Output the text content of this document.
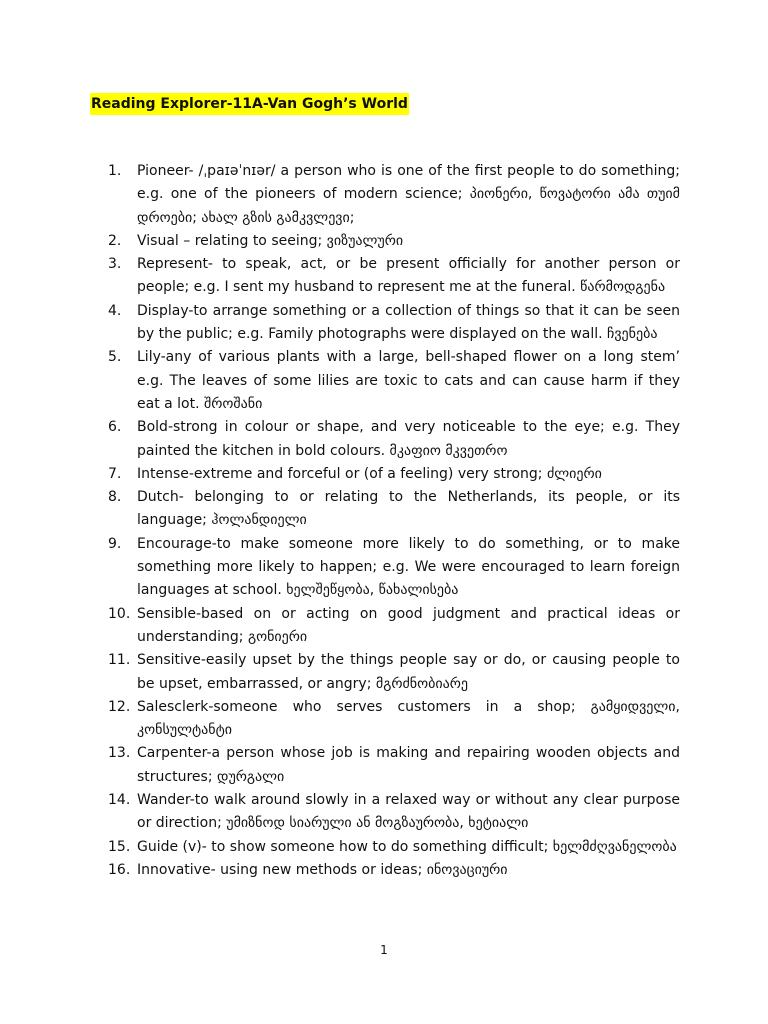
Reading Explorer-11A-Van Gogh’s World
1. Pioneer- /ˌpaɪəˈnɪər/ a person who is one of the first people to do something; e.g. one of the pioneers of modern science; პიონერი, წოვატორი ამა თუიმ დროები; ახალ გზის გამკვლევი;
2. Visual – relating to seeing; ვიზუალური
3. Represent- to speak, act, or be present officially for another person or people; e.g. I sent my husband to represent me at the funeral. წარმოდგენა
4. Display-to arrange something or a collection of things so that it can be seen by the public; e.g. Family photographs were displayed on the wall. ჩვენება
5. Lily-any of various plants with a large, bell-shaped flower on a long stem’ e.g. The leaves of some lilies are toxic to cats and can cause harm if they eat a lot. შროშანი
6. Bold-strong in colour or shape, and very noticeable to the eye; e.g. They painted the kitchen in bold colours. მკაფიო მკვეთრო
7. Intense-extreme and forceful or (of a feeling) very strong; ძლიერი
8. Dutch- belonging to or relating to the Netherlands, its people, or its language; ჰოლანდიელი
9. Encourage-to make someone more likely to do something, or to make something more likely to happen; e.g. We were encouraged to learn foreign languages at school. ხელშეწყობა, წახალისება
10. Sensible-based on or acting on good judgment and practical ideas or understanding; გონიერი
11. Sensitive-easily upset by the things people say or do, or causing people to be upset, embarrassed, or angry; მგრძნობიარე
12. Salesclerk-someone who serves customers in a shop; გამყიდველი, კონსულტანტი
13. Carpenter-a person whose job is making and repairing wooden objects and structures; დურგალი
14. Wander-to walk around slowly in a relaxed way or without any clear purpose or direction; უმიზნოდ სიარული ან მოგზაურობა, ხეტიალი
15. Guide (v)- to show someone how to do something difficult; ხელმძღვანელობა
16. Innovative- using new methods or ideas; ინოვაციური
1
